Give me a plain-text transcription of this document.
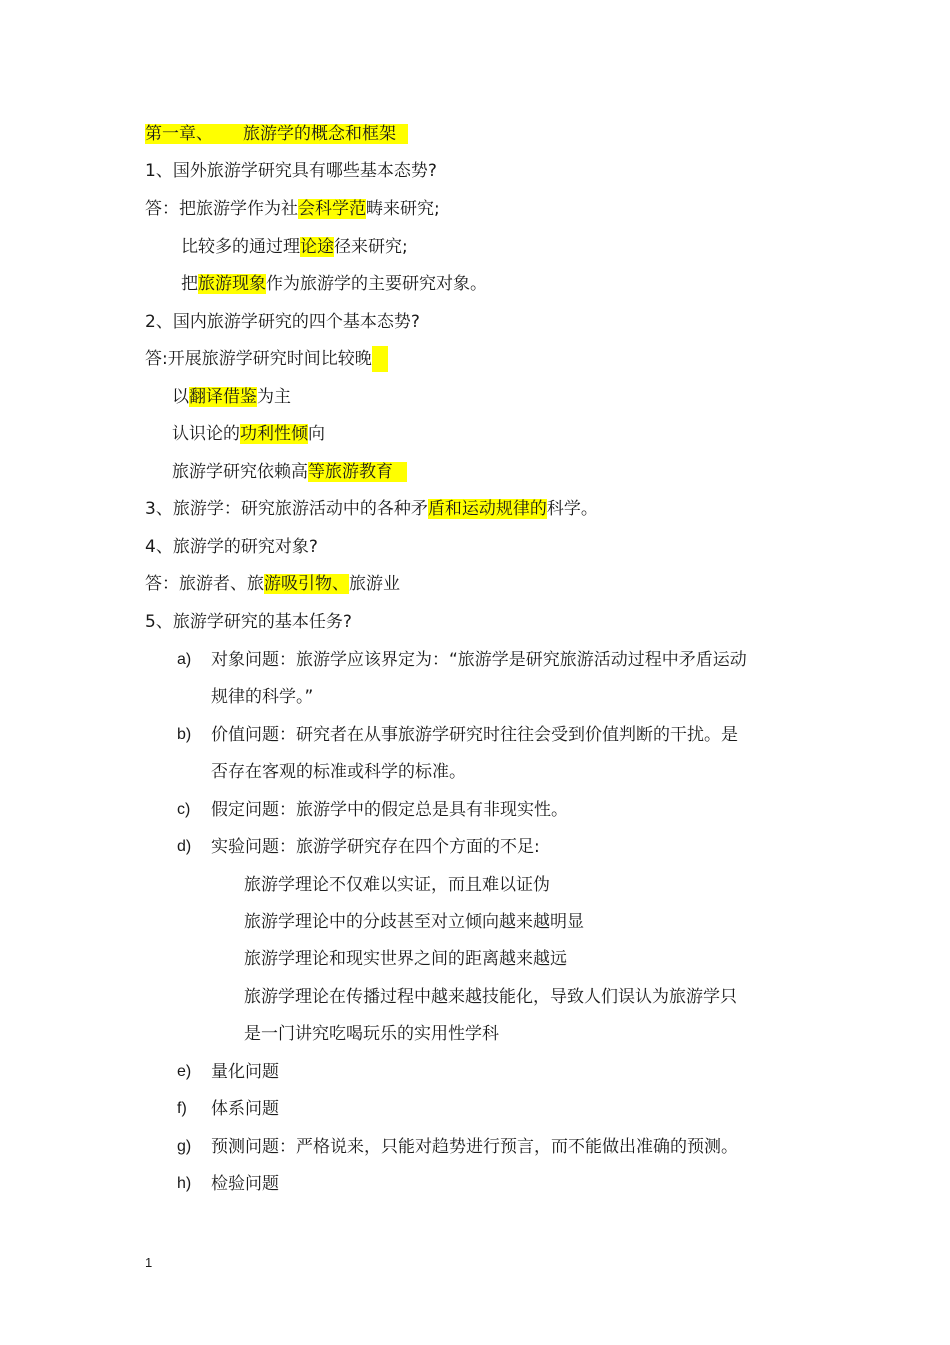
第一章、 旅游学的概念和框架
1、国外旅游学研究具有哪些基本态势?
答：把旅游学作为社会科学范畴来研究;
比较多的通过理论途径来研究;
把旅游现象作为旅游学的主要研究对象。
2、国内旅游学研究的四个基本态势?
答:开展旅游学研究时间比较晚
以翻译借鉴为主
认识论的功利性倾向
旅游学研究依赖高等旅游教育
3、旅游学：研究旅游活动中的各种矛盾和运动规律的科学。
4、旅游学的研究对象?
答：旅游者、旅游吸引物、旅游业
5、旅游学研究的基本任务?
a) 对象问题：旅游学应该界定为：“旅游学是研究旅游活动过程中矛盾运动
规律的科学。”
b) 价值问题：研究者在从事旅游学研究时往往会受到价值判断的干扰。是
否存在客观的标准或科学的标准。
c) 假定问题：旅游学中的假定总是具有非现实性。
d) 实验问题：旅游学研究存在四个方面的不足:
旅游学理论不仅难以实证，而且难以证伪
旅游学理论中的分歧甚至对立倾向越来越明显
旅游学理论和现实世界之间的距离越来越远
旅游学理论在传播过程中越来越技能化，导致人们误认为旅游学只
是一门讲究吃喝玩乐的实用性学科
e) 量化问题
f) 体系问题
g) 预测问题：严格说来，只能对趋势进行预言，而不能做出准确的预测。
h) 检验问题
1
